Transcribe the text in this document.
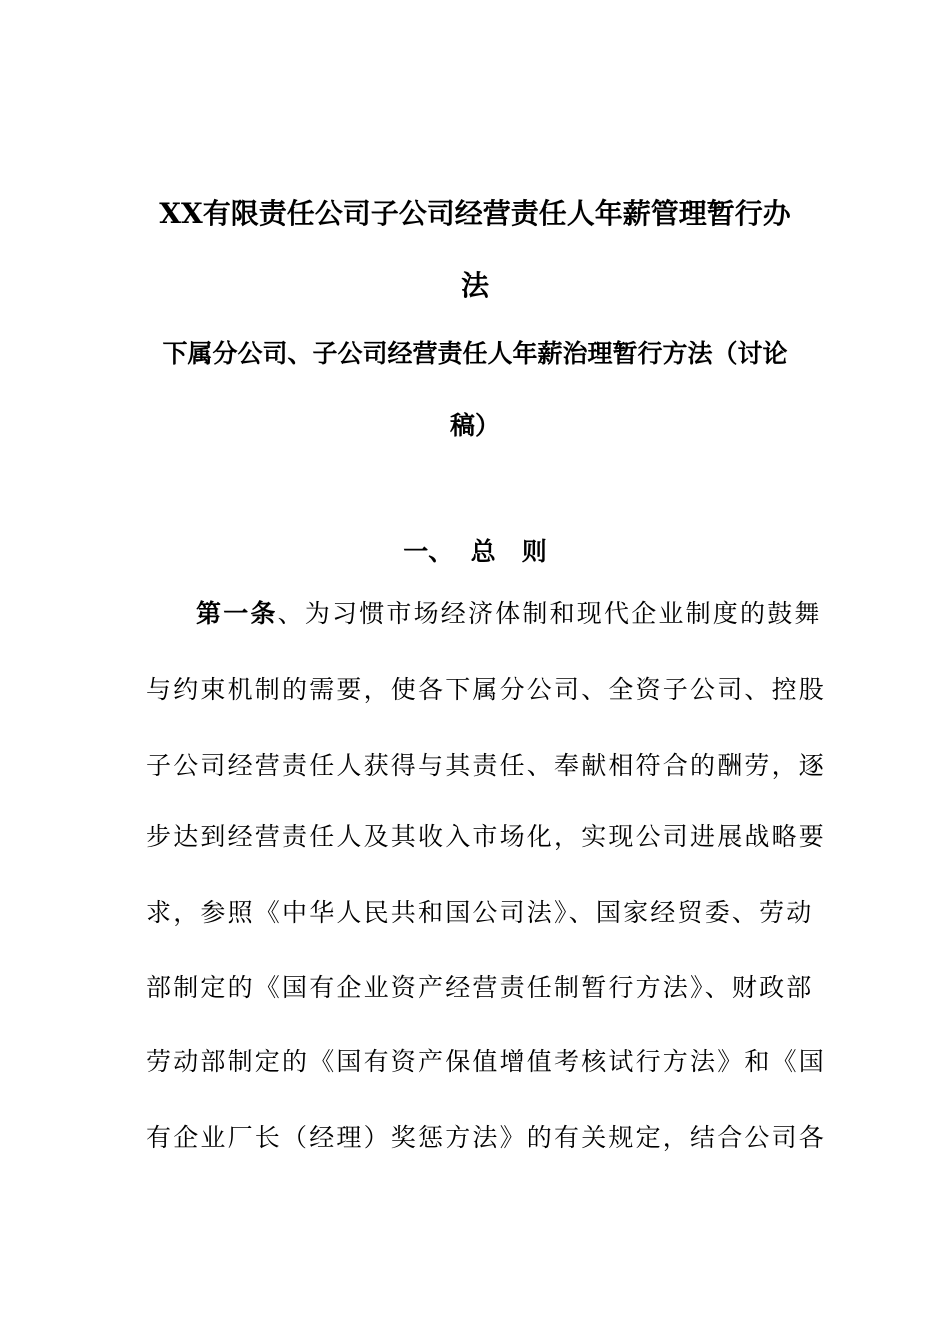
XX有限责任公司子公司经营责任人年薪管理暂行办
法
下属分公司、子公司经营责任人年薪治理暂行方法（讨论
稿）
一、  总   则

第一条、为习惯市场经济体制和现代企业制度的鼓舞

与约束机制的需要，使各下属分公司、全资子公司、控股

子公司经营责任人获得与其责任、奉献相符合的酬劳，逐

步达到经营责任人及其收入市场化，实现公司进展战略要

求，参照《中华人民共和国公司法》、国家经贸委、劳动

部制定的《国有企业资产经营责任制暂行方法》、财政部

劳动部制定的《国有资产保值增值考核试行方法》和《国

有企业厂长（经理）奖惩方法》的有关规定，结合公司各
